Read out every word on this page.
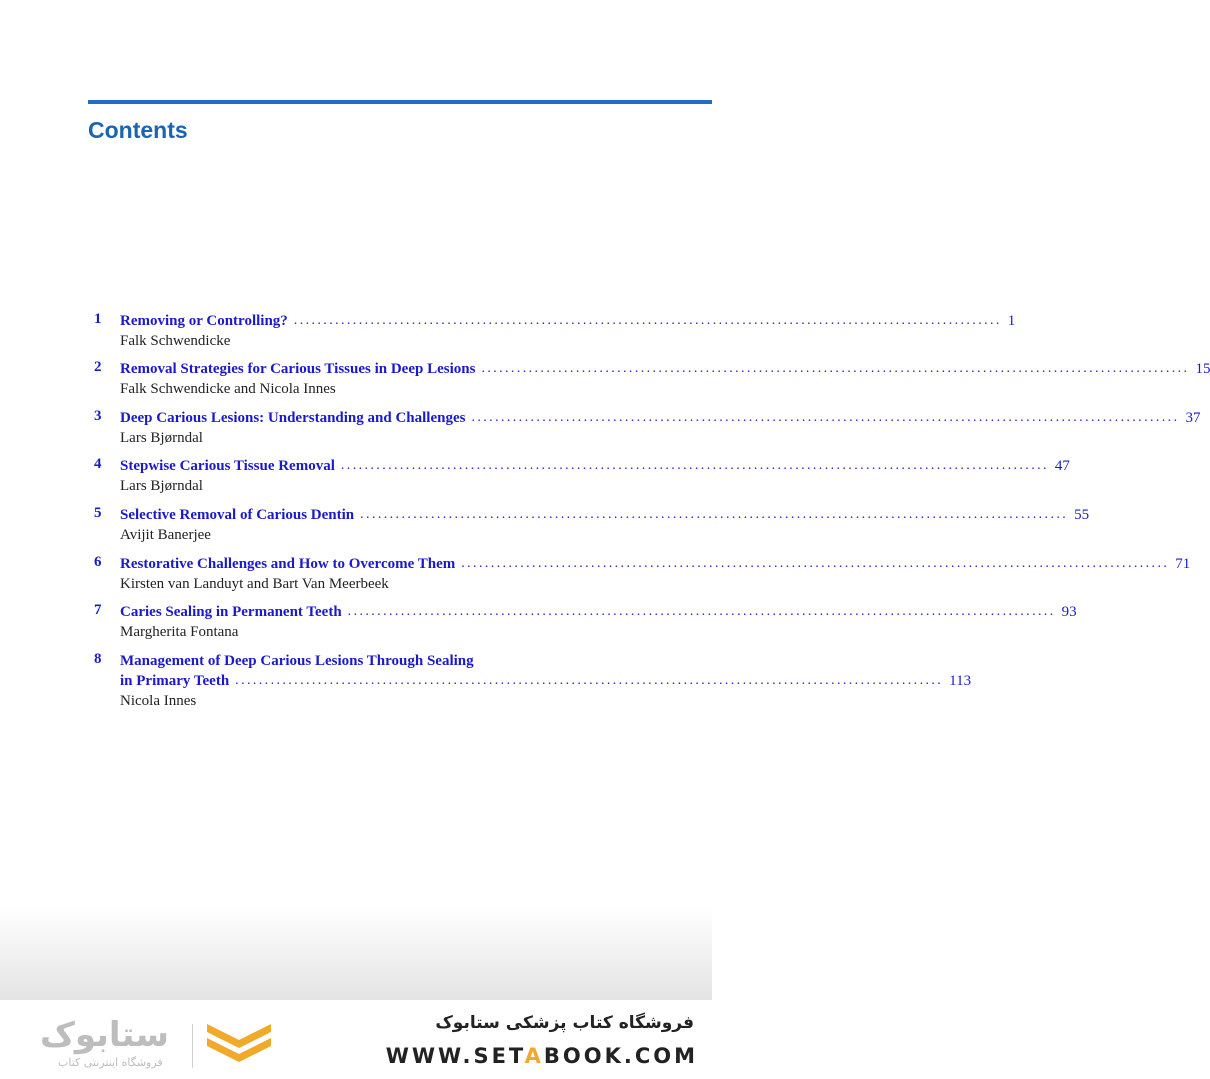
Contents
1	Removing or Controlling? ........................................................................................................................ 1
Falk Schwendicke
2	Removal Strategies for Carious Tissues in Deep Lesions ........................................................................................................................ 15
Falk Schwendicke and Nicola Innes
3	Deep Carious Lesions: Understanding and Challenges ........................................................................................................................ 37
Lars Bjørndal
4	Stepwise Carious Tissue Removal ........................................................................................................................ 47
Lars Bjørndal
5	Selective Removal of Carious Dentin ........................................................................................................................ 55
Avijit Banerjee
6	Restorative Challenges and How to Overcome Them ........................................................................................................................ 71
Kirsten van Landuyt and Bart Van Meerbeek
7	Caries Sealing in Permanent Teeth ........................................................................................................................ 93
Margherita Fontana
8	Management of Deep Carious Lesions Through Sealing
in Primary Teeth ........................................................................................................................ 113
Nicola Innes
ستابوک
فروشگاه اینترنتی کتاب
فروشگاه کتاب پزشکی ستابوک
WWW.SETABOOK.COM
